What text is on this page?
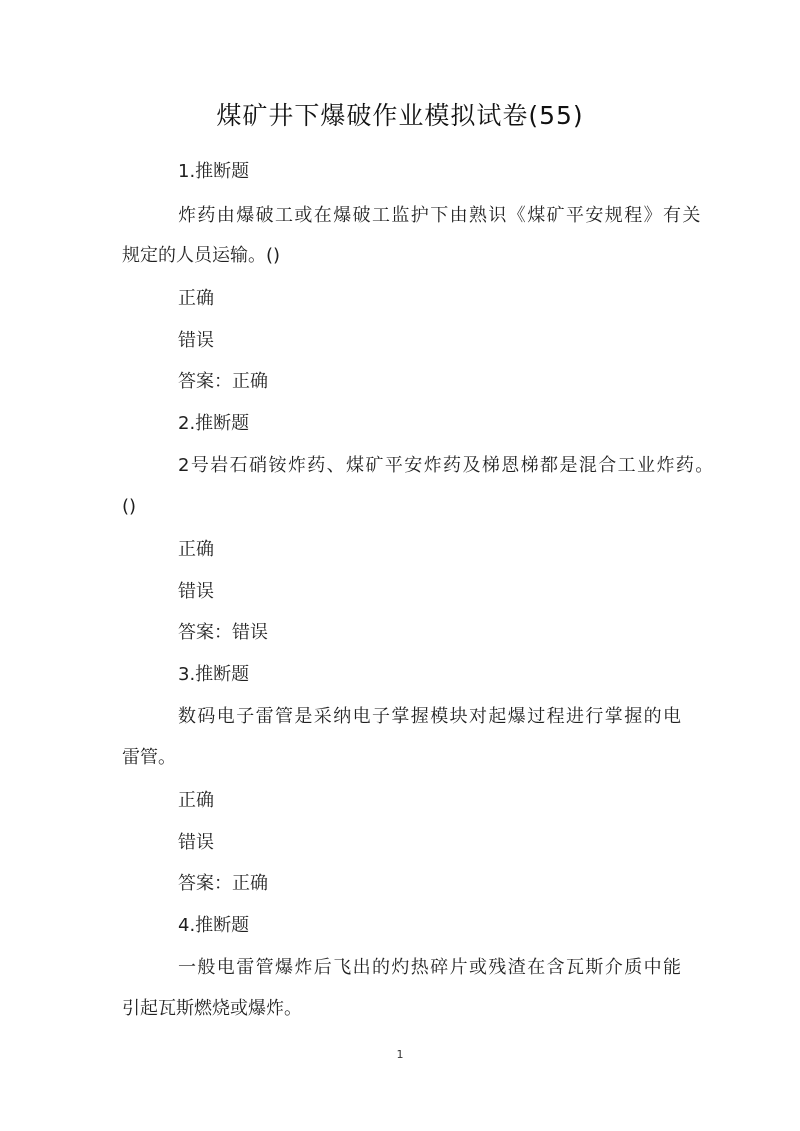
煤矿井下爆破作业模拟试卷(55)
1.推断题
炸药由爆破工或在爆破工监护下由熟识《煤矿平安规程》有关
规定的人员运输。()
正确
错误
答案：正确
2.推断题
2号岩石硝铵炸药、煤矿平安炸药及梯恩梯都是混合工业炸药。
()
正确
错误
答案：错误
3.推断题
数码电子雷管是采纳电子掌握模块对起爆过程进行掌握的电
雷管。
正确
错误
答案：正确
4.推断题
一般电雷管爆炸后飞出的灼热碎片或残渣在含瓦斯介质中能
引起瓦斯燃烧或爆炸。
1
